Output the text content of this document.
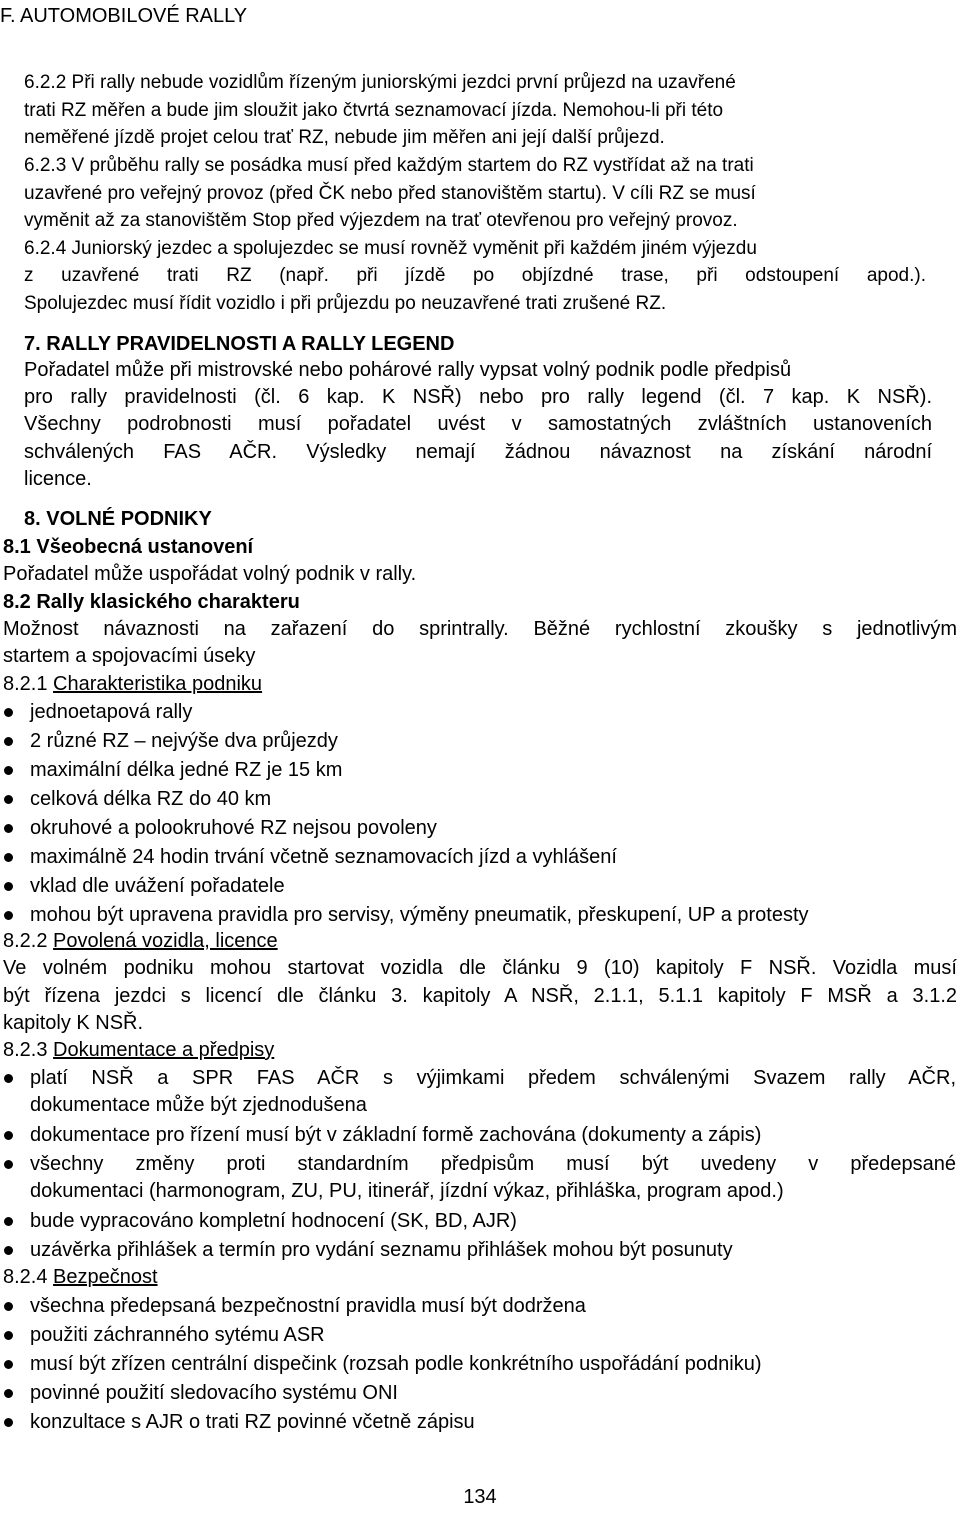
F. AUTOMOBILOVÉ RALLY
6.2.2 Při rally nebude vozidlům řízeným juniorskými jezdci první průjezd na uzavřené
trati RZ měřen a bude jim sloužit jako čtvrtá seznamovací jízda. Nemohou-li při této
neměřené jízdě projet celou trať RZ, nebude jim měřen ani její další průjezd.
6.2.3 V průběhu rally se posádka musí před každým startem do RZ vystřídat až na trati
uzavřené pro veřejný provoz (před ČK nebo před stanovištěm startu). V cíli RZ se musí
vyměnit až za stanovištěm Stop před výjezdem na trať otevřenou pro veřejný provoz.
6.2.4 Juniorský jezdec a spolujezdec se musí rovněž vyměnit při každém jiném výjezdu
z uzavřené trati RZ (např. při jízdě po objízdné trase, při odstoupení apod.).
Spolujezdec musí řídit vozidlo i při průjezdu po neuzavřené trati zrušené RZ.
7. RALLY PRAVIDELNOSTI A RALLY LEGEND
Pořadatel může při mistrovské nebo pohárové rally vypsat volný podnik podle předpisů
pro rally pravidelnosti (čl. 6 kap. K NSŘ) nebo pro rally legend (čl. 7 kap. K NSŘ).
Všechny podrobnosti musí pořadatel uvést v samostatných zvláštních ustanoveních
schválených FAS AČR. Výsledky nemají žádnou návaznost na získání národní
licence.
8. VOLNÉ PODNIKY
8.1 Všeobecná ustanovení
Pořadatel může uspořádat volný podnik v rally.
8.2 Rally klasického charakteru
Možnost návaznosti na zařazení do sprintrally. Běžné rychlostní zkoušky s jednotlivým
startem a spojovacími úseky
8.2.1 Charakteristika podniku
jednoetapová rally
2 různé RZ – nejvýše dva průjezdy
maximální délka jedné RZ je 15 km
celková délka RZ do 40 km
okruhové a polookruhové RZ nejsou povoleny
maximálně 24 hodin trvání včetně seznamovacích jízd a vyhlášení
vklad dle uvážení pořadatele
mohou být upravena pravidla pro servisy, výměny pneumatik, přeskupení, UP a protesty
8.2.2 Povolená vozidla, licence
Ve volném podniku mohou startovat vozidla dle článku 9 (10) kapitoly F NSŘ. Vozidla musí
být řízena jezdci s licencí dle článku 3. kapitoly A NSŘ, 2.1.1, 5.1.1 kapitoly F MSŘ a 3.1.2
kapitoly K NSŘ.
8.2.3 Dokumentace a předpisy
platí NSŘ a SPR FAS AČR s výjimkami předem schválenými Svazem rally AČR,
dokumentace může být zjednodušena
dokumentace pro řízení musí být v základní formě zachována (dokumenty a zápis)
všechny změny proti standardním předpisům musí být uvedeny v předepsané
dokumentaci (harmonogram, ZU, PU, itinerář, jízdní výkaz, přihláška, program apod.)
bude vypracováno kompletní hodnocení (SK, BD, AJR)
uzávěrka přihlášek a termín pro vydání seznamu přihlášek mohou být posunuty
8.2.4 Bezpečnost
všechna předepsaná bezpečnostní pravidla musí být dodržena
použiti záchranného sytému ASR
musí být zřízen centrální dispečink (rozsah podle konkrétního uspořádání podniku)
povinné použití sledovacího systému ONI
konzultace s AJR o trati RZ povinné včetně zápisu
134
